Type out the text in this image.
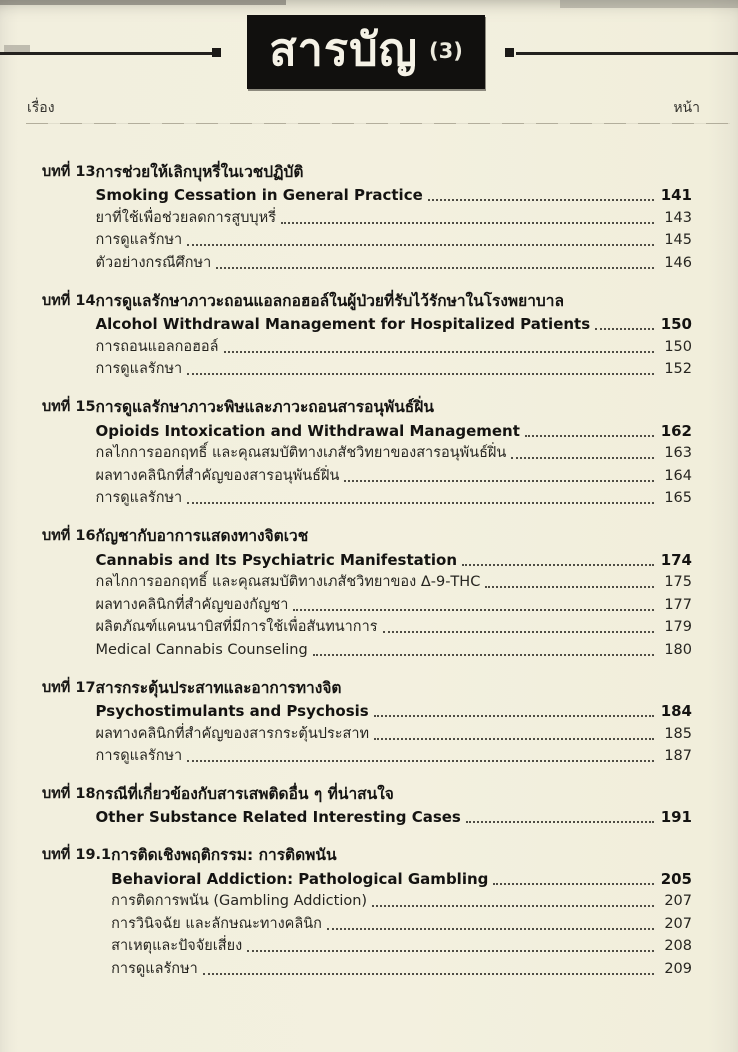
สารบัญ (3)
เรื่อง	หน้า
บทที่ 13 การช่วยให้เลิกบุหรี่ในเวชปฏิบัติ
Smoking Cessation in General Practice	141
ยาที่ใช้เพื่อช่วยลดการสูบบุหรี่	143
การดูแลรักษา	145
ตัวอย่างกรณีศึกษา	146
บทที่ 14 การดูแลรักษาภาวะถอนแอลกอฮอล์ในผู้ป่วยที่รับไว้รักษาในโรงพยาบาล
Alcohol Withdrawal Management for Hospitalized Patients	150
การถอนแอลกอฮอล์	150
การดูแลรักษา	152
บทที่ 15 การดูแลรักษาภาวะพิษและภาวะถอนสารอนุพันธ์ฝิ่น
Opioids Intoxication and Withdrawal Management	162
กลไกการออกฤทธิ์ และคุณสมบัติทางเภสัชวิทยาของสารอนุพันธ์ฝิ่น	163
ผลทางคลินิกที่สำคัญของสารอนุพันธ์ฝิ่น	164
การดูแลรักษา	165
บทที่ 16 กัญชากับอาการแสดงทางจิตเวช
Cannabis and Its Psychiatric Manifestation	174
กลไกการออกฤทธิ์ และคุณสมบัติทางเภสัชวิทยาของ Δ-9-THC	175
ผลทางคลินิกที่สำคัญของกัญชา	177
ผลิตภัณฑ์แคนนาบิสที่มีการใช้เพื่อสันทนาการ	179
Medical Cannabis Counseling	180
บทที่ 17 สารกระตุ้นประสาทและอาการทางจิต
Psychostimulants and Psychosis	184
ผลทางคลินิกที่สำคัญของสารกระตุ้นประสาท	185
การดูแลรักษา	187
บทที่ 18 กรณีที่เกี่ยวข้องกับสารเสพติดอื่น ๆ ที่น่าสนใจ
Other Substance Related Interesting Cases	191
บทที่ 19.1 การติดเชิงพฤติกรรม: การติดพนัน
Behavioral Addiction: Pathological Gambling	205
การติดการพนัน (Gambling Addiction)	207
การวินิจฉัย และลักษณะทางคลินิก	207
สาเหตุและปัจจัยเสี่ยง	208
การดูแลรักษา	209
